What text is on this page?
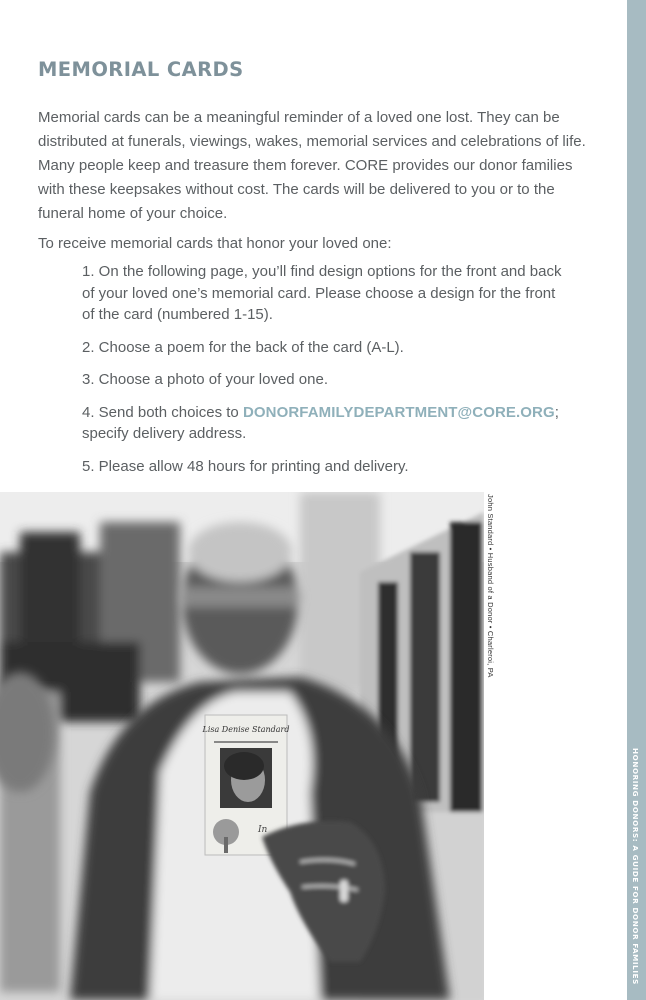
MEMORIAL CARDS

Memorial cards can be a meaningful reminder of a loved one lost. They can be distributed at funerals, viewings, wakes, memorial services and celebrations of life. Many people keep and treasure them forever. CORE provides our donor families with these keepsakes without cost. The cards will be delivered to you or to the funeral home of your choice.

To receive memorial cards that honor your loved one:

1. On the following page, you’ll find design options for the front and back of your loved one’s memorial card. Please choose a design for the front of the card (numbered 1-15).
2. Choose a poem for the back of the card (A-L).
3. Choose a photo of your loved one.
4. Send both choices to DONORFAMILYDEPARTMENT@CORE.ORG; specify delivery address.
5. Please allow 48 hours for printing and delivery.
Lisa Denise Standard
In
John Standard • Husband of a Donor • Charleroi, PA
HONORING DONORS: A GUIDE FOR DONOR FAMILIES
